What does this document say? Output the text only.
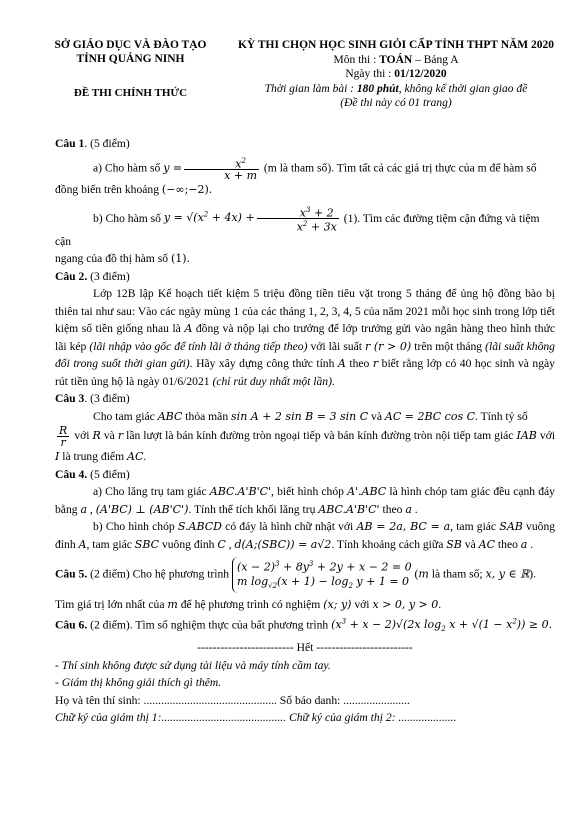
SỞ GIÁO DỤC VÀ ĐÀO TẠO
TỈNH QUẢNG NINH
ĐỀ THI CHÍNH THỨC
KỲ THI CHỌN HỌC SINH GIỎI CẤP TỈNH THPT NĂM 2020
Môn thi : TOÁN – Bảng A
Ngày thi : 01/12/2020
Thời gian làm bài : 180 phút, không kể thời gian giao đề
(Đề thi này có 01 trang)

Câu 1. (5 điểm)

a) Cho hàm số $y = \frac{x^2}{x + m} (m$ là tham số). Tìm tất cả các giá trị thực của m để hàm số

đồng biến trên khoảng (−∞;−2).

b) Cho hàm số $y = √(x^2 + 4x) + \frac{x^3 + 2}{x^2 + 3x} (1)$. Tìm các đường tiệm cận đứng và tiệm cận

ngang của đồ thị hàm số (1).

Câu 2. (3 điểm)

Lớp 12B lập Kế hoạch tiết kiệm 5 triệu đồng tiền tiêu vặt trong 5 tháng để ủng hộ đồng bào bị thiên tai như sau: Vào các ngày mùng 1 của các tháng 1, 2, 3, 4, 5 của năm 2021 mỗi học sinh trong lớp tiết kiệm số tiền giống nhau là A đồng và nộp lại cho trưởng để lớp trưởng gửi vào ngân hàng theo hình thức lãi kép (lãi nhập vào gốc để tính lãi ở tháng tiếp theo) với lãi suất r (r > 0) trên một tháng (lãi suất không đổi trong suốt thời gian gửi). Hãy xây dựng công thức tính A theo r biết rằng lớp có 40 học sinh và ngày rút tiền ủng hộ là ngày 01/6/2021 (chỉ rút duy nhất một lần).

Câu 3. (3 điểm)

Cho tam giác ABC thỏa mãn sin A + 2 sin B = 3 sin C và AC = 2BC cos C. Tính tỷ số

$\frac{R}{r}$ với R và r lần lượt là bán kính đường tròn ngoại tiếp và bán kính đường tròn nội tiếp tam giác IAB với I là trung điểm AC.

Câu 4. (5 điểm)

a) Cho lăng trụ tam giác ABC.A'B'C', biết hình chóp A'.ABC là hình chóp tam giác đều cạnh đáy bằng a , (A'BC) ⊥ (AB'C'). Tính thể tích khối lăng trụ ABC.A'B'C' theo a .

b) Cho hình chóp S.ABCD có đáy là hình chữ nhật với AB = 2a, BC = a, tam giác SAB vuông đỉnh A, tam giác SBC vuông đỉnh C , d(A;(SBC)) = a√2. Tính khoảng cách giữa SB và AC theo a .

Câu 5. (2 điểm) Cho hệ phương trình
$(x - 2)^3 + 8y^3 + 2y + x - 2 = 0$
m $\log_{√2}(x + 1) - \log_2 y + 1 = 0$
(m là tham số; x, y ∈ ℝ).

Tìm giá trị lớn nhất của m để hệ phương trình có nghiệm (x; y) với x > 0, y > 0.

Câu 6. (2 điểm). Tìm số nghiệm thực của bất phương trình $(x^3 + x - 2)√(2x$ $\log_2 x + √(1 - x^2)) \ge 0$.

------------------------- Hết -------------------------

- Thí sinh không được sử dụng tài liệu và máy tính cầm tay.

- Giám thị không giải thích gì thêm.

Họ và tên thí sinh: .............................................. Số báo danh: .......................

Chữ ký của giám thị 1:........................................... Chữ ký của giám thị 2: ....................
